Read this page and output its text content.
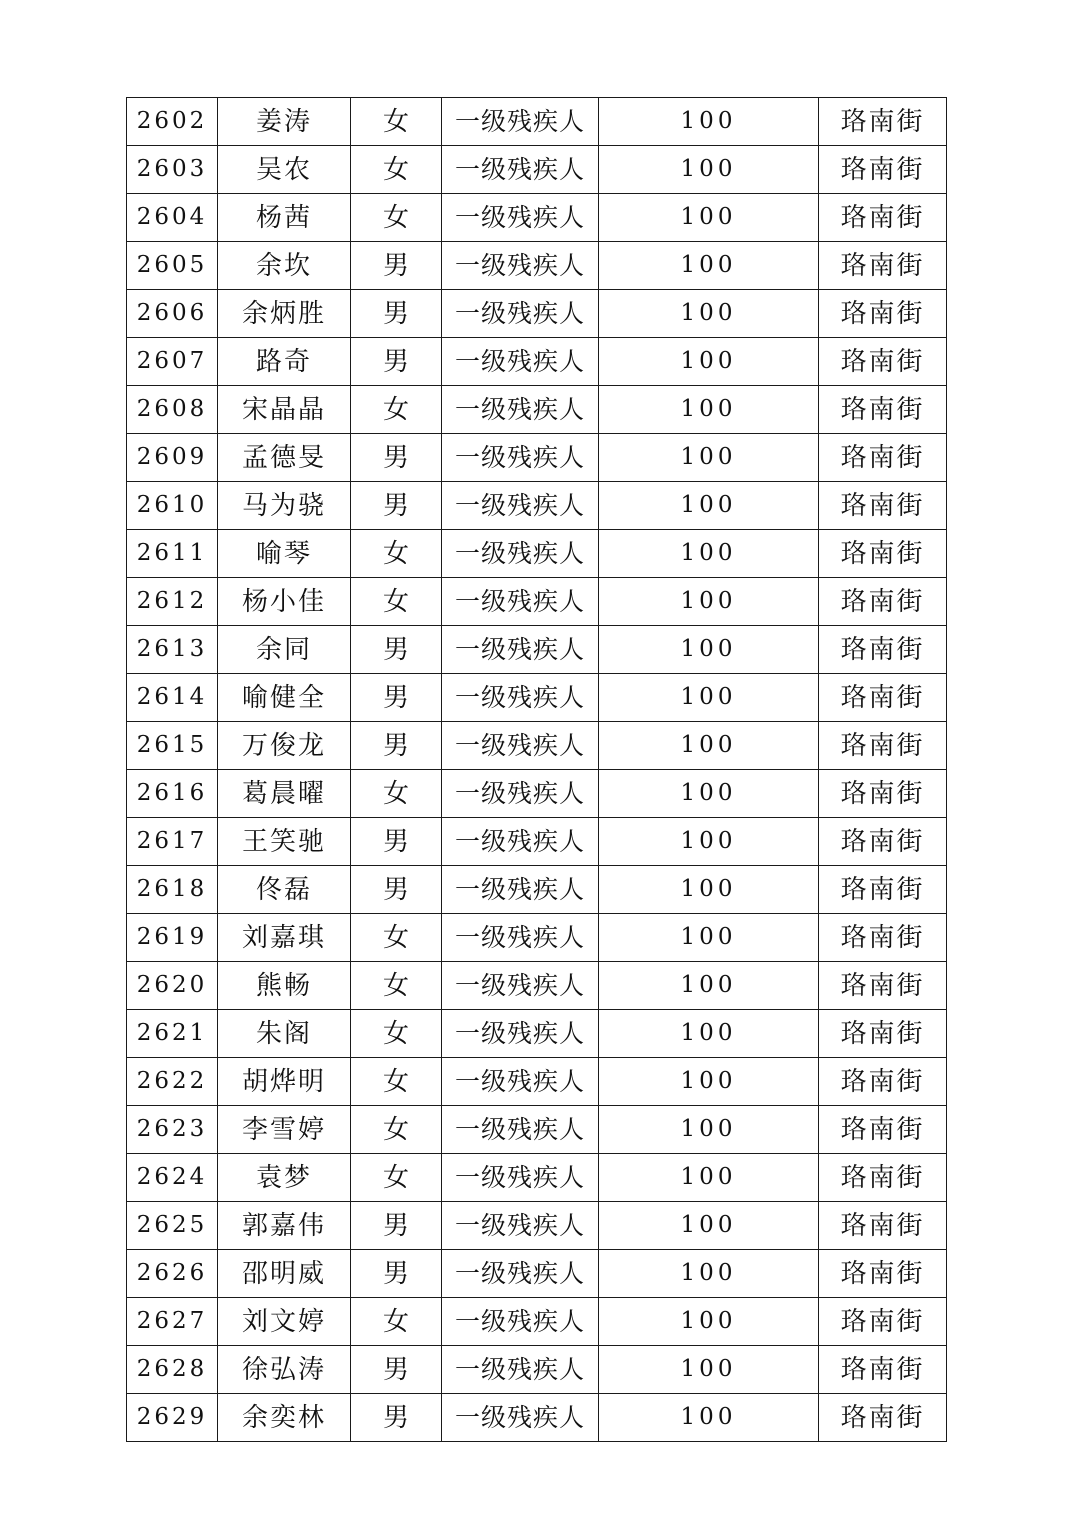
2602	姜涛	女	一级残疾人	100	珞南街
2603	吴农	女	一级残疾人	100	珞南街
2604	杨茜	女	一级残疾人	100	珞南街
2605	余坎	男	一级残疾人	100	珞南街
2606	余炳胜	男	一级残疾人	100	珞南街
2607	路奇	男	一级残疾人	100	珞南街
2608	宋晶晶	女	一级残疾人	100	珞南街
2609	孟德旻	男	一级残疾人	100	珞南街
2610	马为骁	男	一级残疾人	100	珞南街
2611	喻琴	女	一级残疾人	100	珞南街
2612	杨小佳	女	一级残疾人	100	珞南街
2613	余同	男	一级残疾人	100	珞南街
2614	喻健全	男	一级残疾人	100	珞南街
2615	万俊龙	男	一级残疾人	100	珞南街
2616	葛晨曜	女	一级残疾人	100	珞南街
2617	王笑驰	男	一级残疾人	100	珞南街
2618	佟磊	男	一级残疾人	100	珞南街
2619	刘嘉琪	女	一级残疾人	100	珞南街
2620	熊畅	女	一级残疾人	100	珞南街
2621	朱阁	女	一级残疾人	100	珞南街
2622	胡烨明	女	一级残疾人	100	珞南街
2623	李雪婷	女	一级残疾人	100	珞南街
2624	袁梦	女	一级残疾人	100	珞南街
2625	郭嘉伟	男	一级残疾人	100	珞南街
2626	邵明威	男	一级残疾人	100	珞南街
2627	刘文婷	女	一级残疾人	100	珞南街
2628	徐弘涛	男	一级残疾人	100	珞南街
2629	余奕林	男	一级残疾人	100	珞南街
